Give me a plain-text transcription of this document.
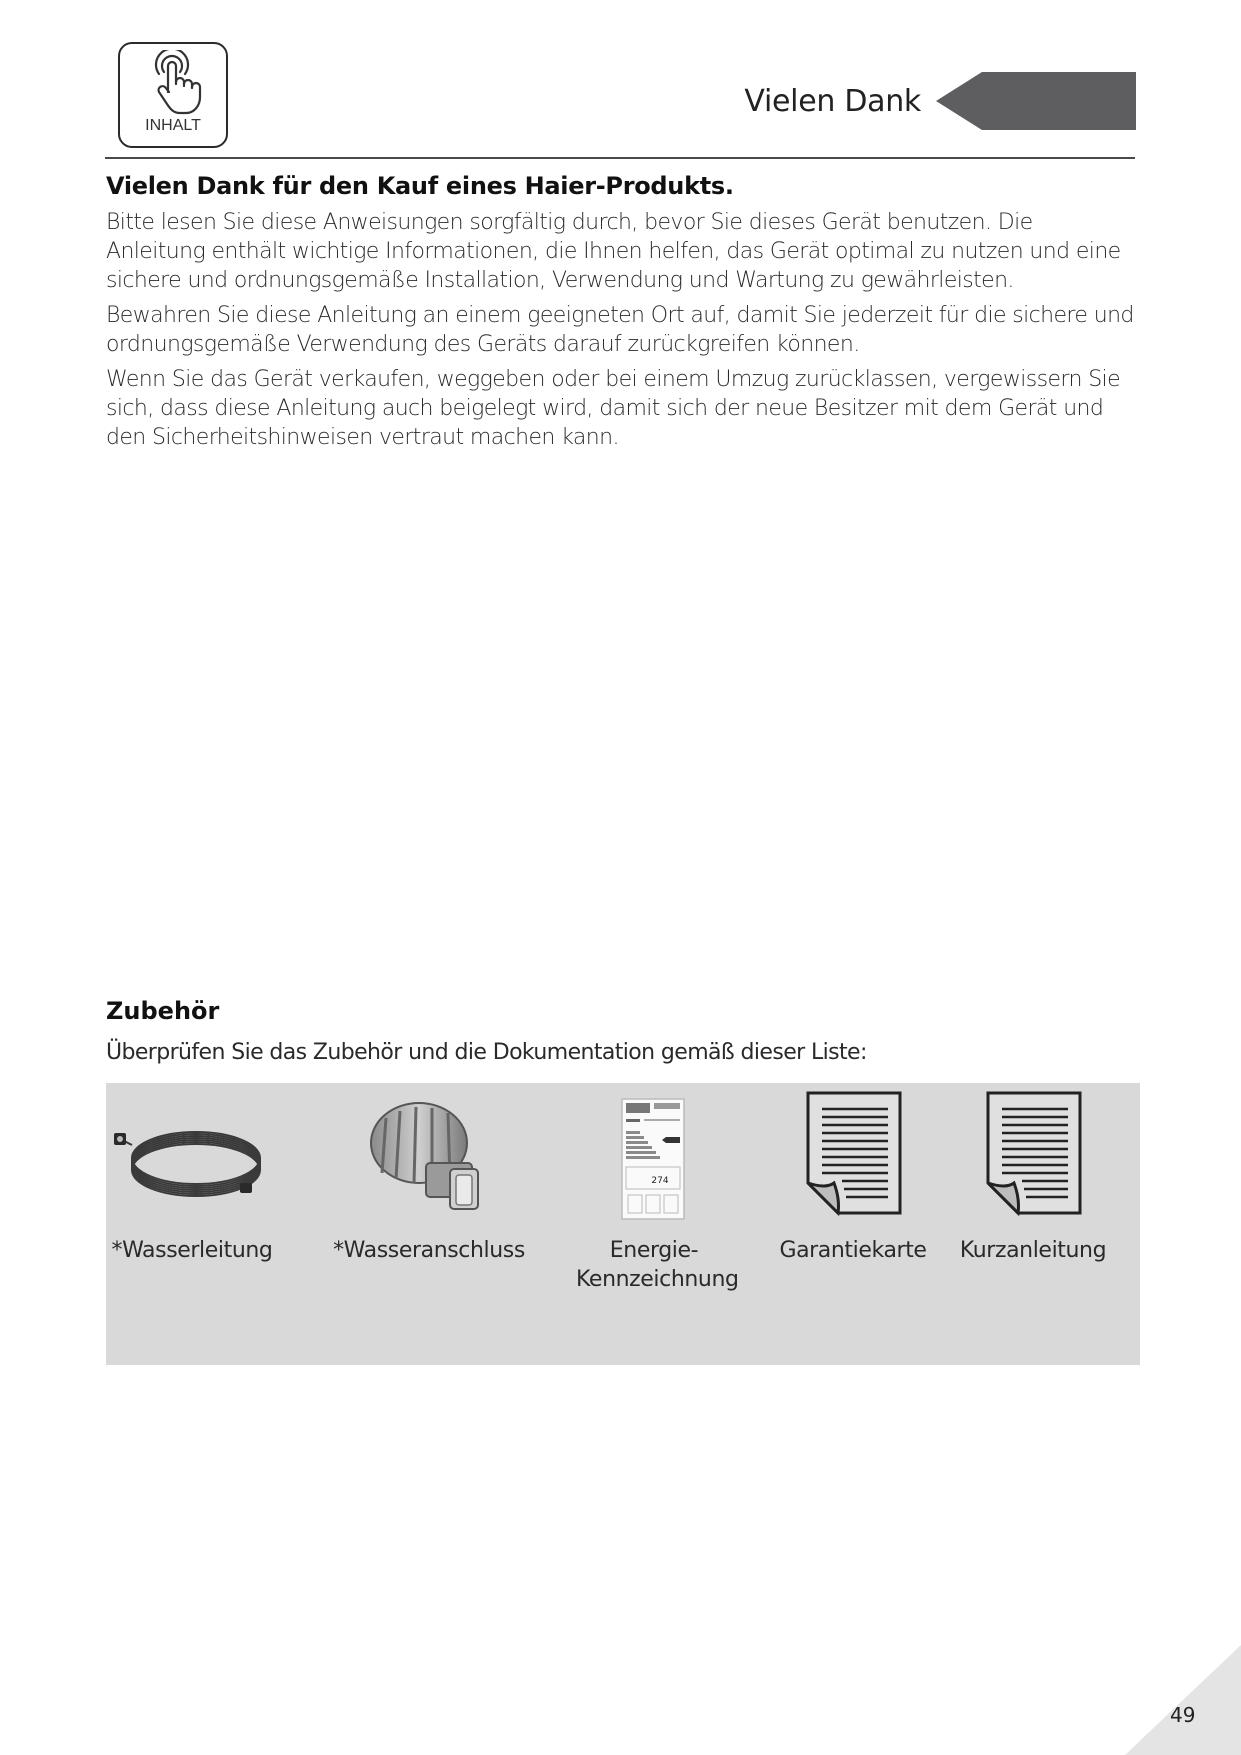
INHALT
Vielen Dank
Vielen Dank für den Kauf eines Haier-Produkts.

Bitte lesen Sie diese Anweisungen sorgfältig durch, bevor Sie dieses Gerät benutzen. Die Anleitung enthält wichtige Informationen, die Ihnen helfen, das Gerät optimal zu nutzen und eine sichere und ordnungsgemäße Installation, Verwendung und Wartung zu gewährleisten.

Bewahren Sie diese Anleitung an einem geeigneten Ort auf, damit Sie jederzeit für die sichere und ordnungsgemäße Verwendung des Geräts darauf zurückgreifen können.

Wenn Sie das Gerät verkaufen, weggeben oder bei einem Umzug zurücklassen, vergewissern Sie sich, dass diese Anleitung auch beigelegt wird, damit sich der neue Besitzer mit dem Gerät und den Sicherheitshinweisen vertraut machen kann.

Zubehör

Überprüfen Sie das Zubehör und die Dokumentation gemäß dieser Liste:

*Wasserleitung	*Wasseranschluss
274
Energie-
Kennzeichnung
Garantiekarte	Kurzanleitung
49
